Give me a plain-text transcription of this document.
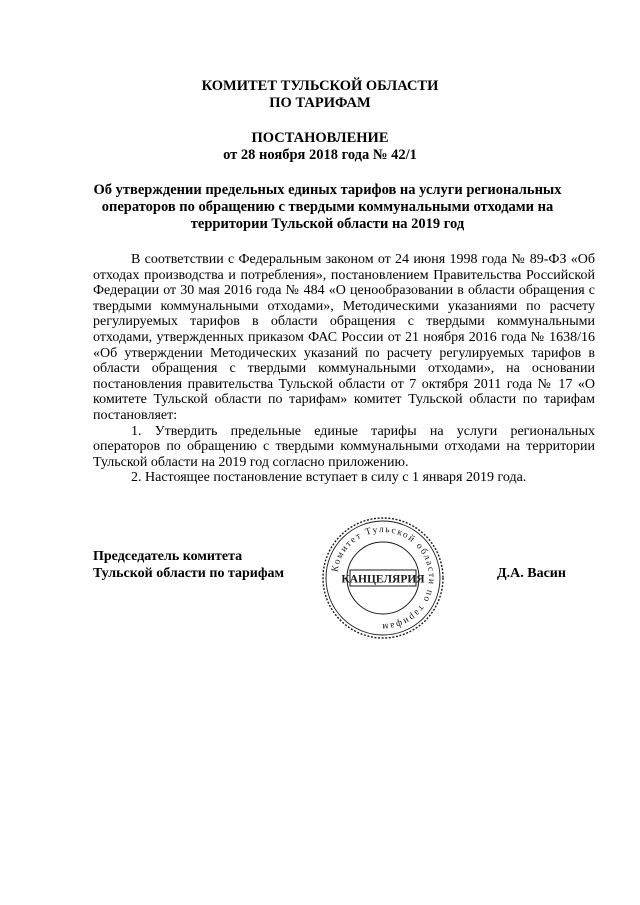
КОМИТЕТ ТУЛЬСКОЙ ОБЛАСТИ
ПО ТАРИФАМ
ПОСТАНОВЛЕНИЕ
от 28 ноября 2018 года № 42/1
Об утверждении предельных единых тарифов на услуги региональных
операторов по обращению с твердыми коммунальными отходами на
территории Тульской области на 2019 год

В соответствии с Федеральным законом от 24 июня 1998 года № 89-ФЗ «Об отходах производства и потребления», постановлением Правительства Российской Федерации от 30 мая 2016 года № 484 «О ценообразовании в области обращения с твердыми коммунальными отходами», Методическими указаниями по расчету регулируемых тарифов в области обращения с твердыми коммунальными отходами, утвержденных приказом ФАС России от 21 ноября 2016 года № 1638/16 «Об утверждении Методических указаний по расчету регулируемых тарифов в области обращения с твердыми коммунальными отходами», на основании постановления правительства Тульской области от 7 октября 2011 года № 17 «О комитете Тульской области по тарифам» комитет Тульской области по тарифам постановляет:

1. Утвердить предельные единые тарифы на услуги региональных операторов по обращению с твердыми коммунальными отходами на территории Тульской области на 2019 год согласно приложению.

2. Настоящее постановление вступает в силу с 1 января 2019 года.

Председатель комитета
Тульской области по тарифам	Д.А. Васин
Комитет Тульской области по тарифам
КАНЦЕЛЯРИЯ
